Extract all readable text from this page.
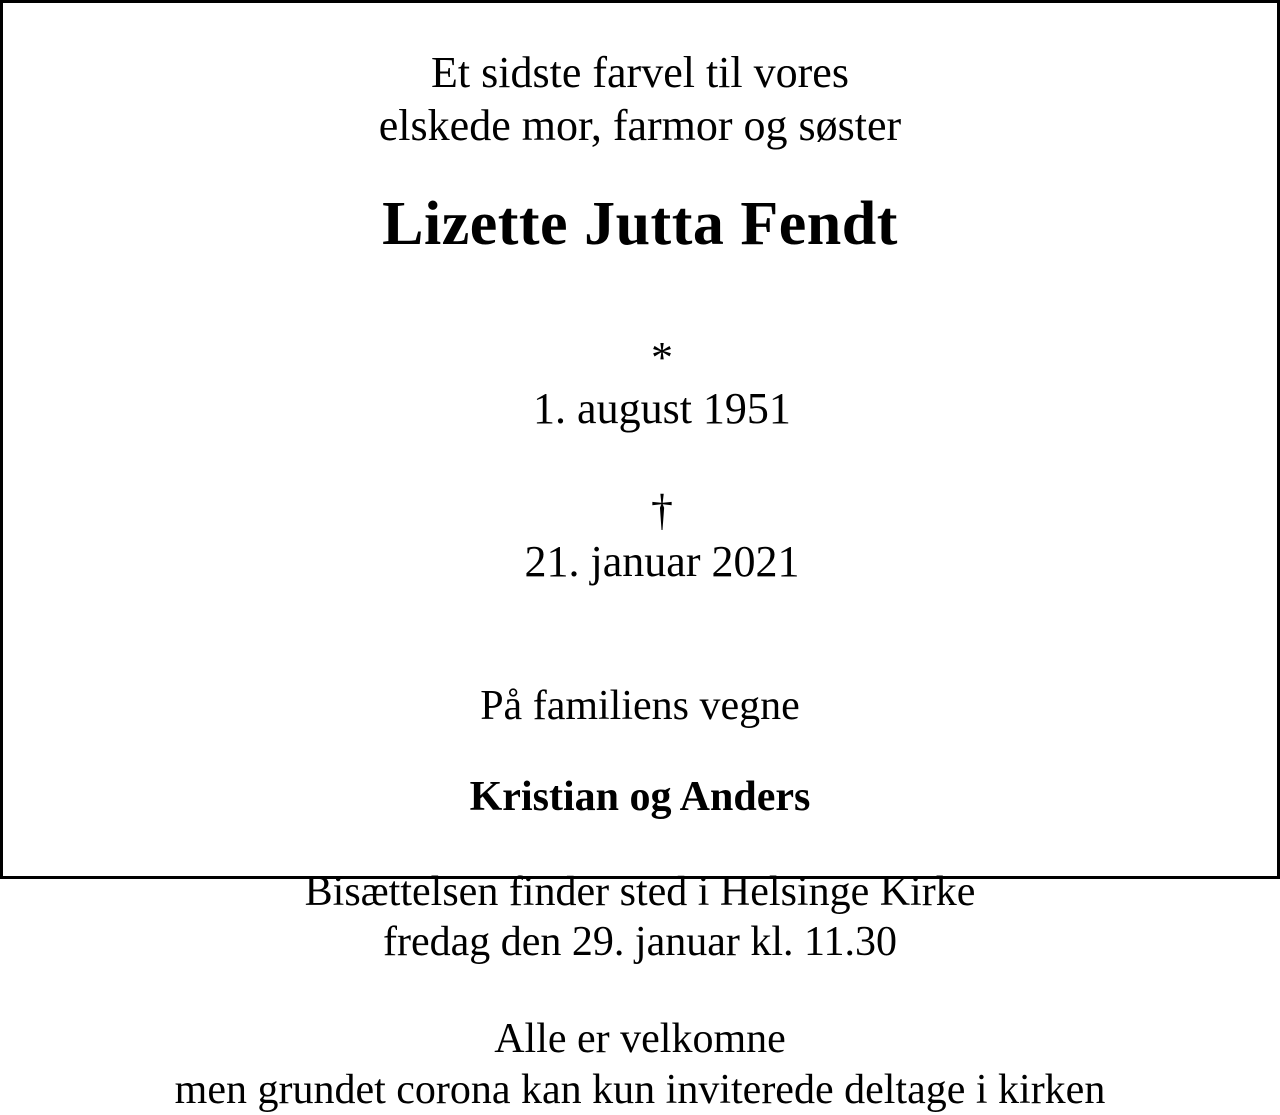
Et sidste farvel til vores
elskede mor, farmor og søster
Lizette Jutta Fendt

*
1. august 1951

†
21. januar 2021

På familiens vegne
Kristian og Anders
Bisættelsen finder sted i Helsinge Kirke
fredag den 29. januar kl. 11.30
Alle er velkomne
men grundet corona kan kun inviterede deltage i kirken
